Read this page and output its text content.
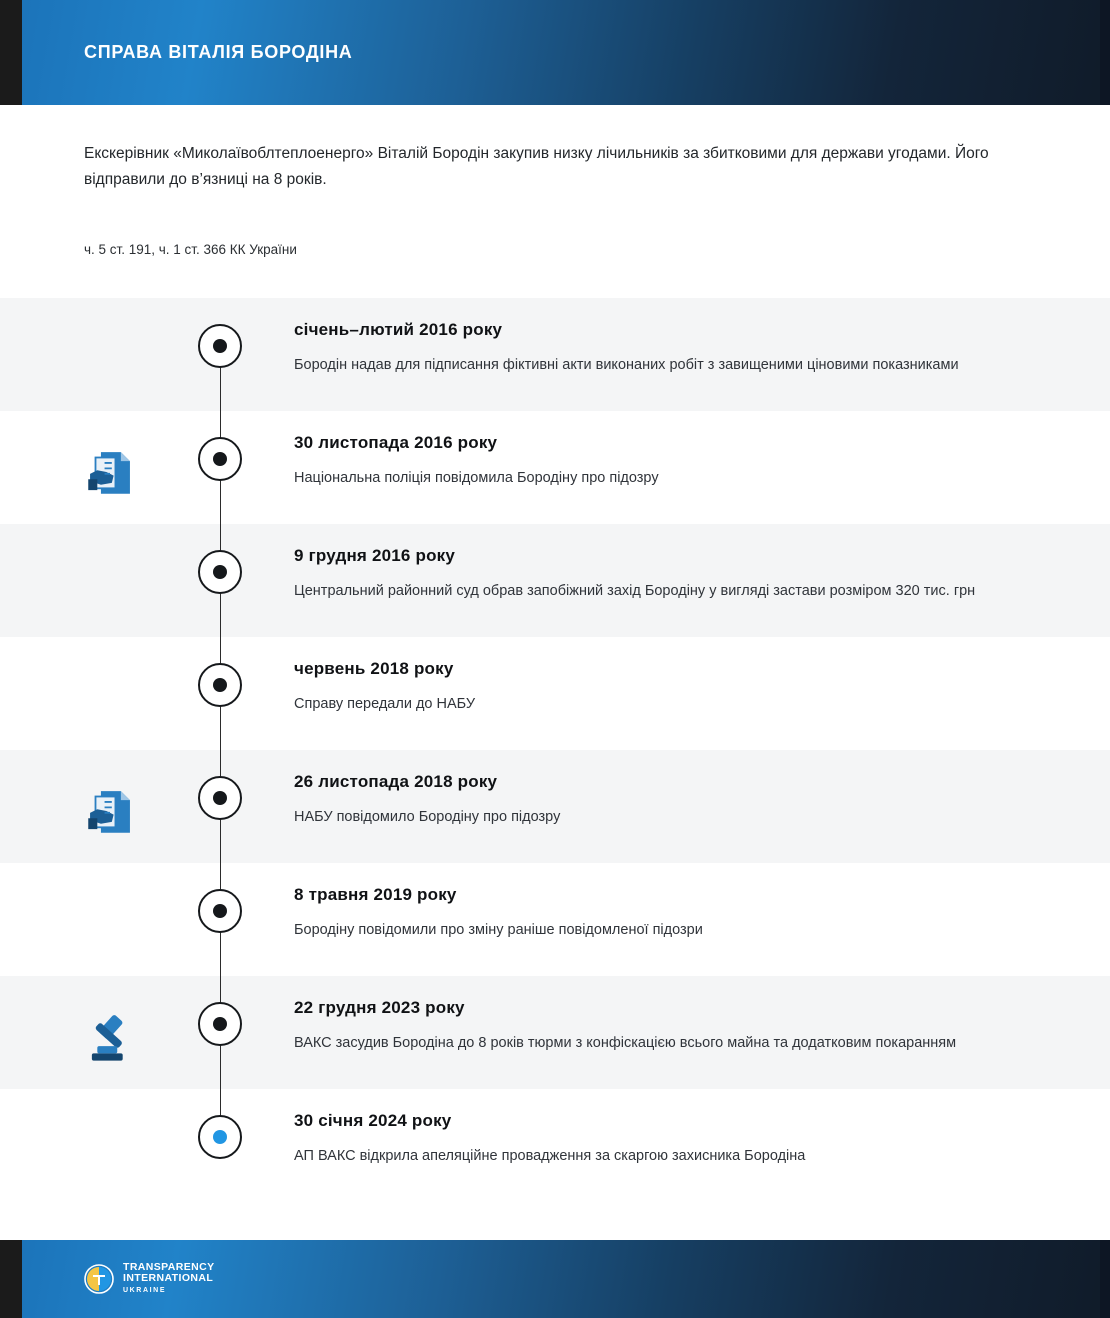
СПРАВА ВІТАЛІЯ БОРОДІНА

Екскерівник «Миколаївоблтеплоенерго» Віталій Бородін закупив низку лічильників за збитковими для держави угодами. Його відправили до в’язниці на 8 років.

ч. 5 ст. 191, ч. 1 ст. 366 КК України

січень–лютий 2016 року

Бородін надав для підписання фіктивні акти виконаних робіт з завищеними ціновими показниками

30 листопада 2016 року

Національна поліція повідомила Бородіну про підозру

9 грудня 2016 року

Центральний районний суд обрав запобіжний захід Бородіну у вигляді застави розміром 320 тис. грн

червень 2018 року

Справу передали до НАБУ

26 листопада 2018 року

НАБУ повідомило Бородіну про підозру

8 травня 2019 року

Бородіну повідомили про зміну раніше повідомленої підозри

22 грудня 2023 року

ВАКС засудив Бородіна до 8 років тюрми з конфіскацією всього майна та додатковим покаранням

30 січня 2024 року

АП ВАКС відкрила апеляційне провадження за скаргою захисника Бородіна

TRANSPARENCY
INTERNATIONAL
UKRAINE
